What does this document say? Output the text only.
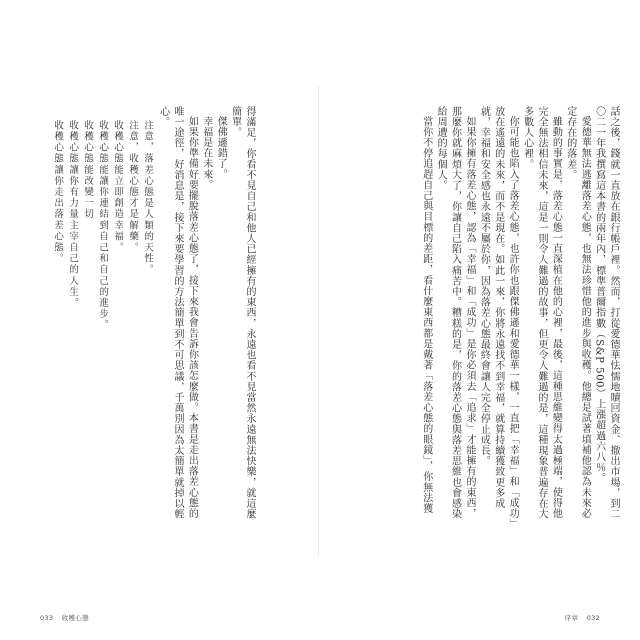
得滿足，你看不見自己和他人已經擁有的東西，永遠也看不見當然永遠無法快樂，就這麼簡單。

傑佛遜錯了。

幸福是在未來。

如果你準備好要擺脫落差心態了，接下來我會告訴你該怎麼做。本書是走出落差心態的唯一途徑，好消息是，接下來要學習的方法簡單到不可思議，千萬別因為太簡單就掉以輕心。

注意，落差心態是人類的天性。

注意，收穫心態才是解藥。

收穫心態能立即創造幸福。

收穫心態能讓你連結到自己和自己的進步。

收穫心態能改變一切

收穫心態讓你有力量主宰自己的人生。

收穫心態讓你走出落差心態。

033 收穫心態

話之後，錢就一直放在銀行帳戶裡。然而，打從愛德華怯懦地贖回資金、撤出市場，到二〇二一年我撰寫這本書的兩年內，標準普爾指數（S&P 500）上漲超過六八％。

愛德華無法逃離落差心態，也無法珍惜他的進步與收穫。他總是試著填補他認為未來必定存在的落差。

雖動的事實是，落差心態一直深植在他的心裡，最後，這種思維變得太過極端，使得他完全無法相信未來，這是一則令人難過的故事，但更令人難過的是，這種現象普遍存在大多數人心裡。

你可能也陷入了落差心態，也許你也跟傑佛遜和愛德華一樣，一直把「幸福」和「成功」放在遙遠的未來，而不是現在。如此一來，你將永遠找不到幸福，就算持續獲致更多成就，幸福和安全感也永遠不屬於你，因為落差心態最終會讓人完全停止成長。

如果你擁有落差心態，認為「幸福」和「成功」是你必須去「追求」才能擁有的東西，那麼你就麻煩大了，你讓自己陷入痛苦中。糟糕的是，你的落差心態與落差思維也會感染給周遭的每個人。

當你不停追趕自己與目標的差距，看什麼東西都是戴著「落差心態的眼鏡」，你無法獲

序章 032
